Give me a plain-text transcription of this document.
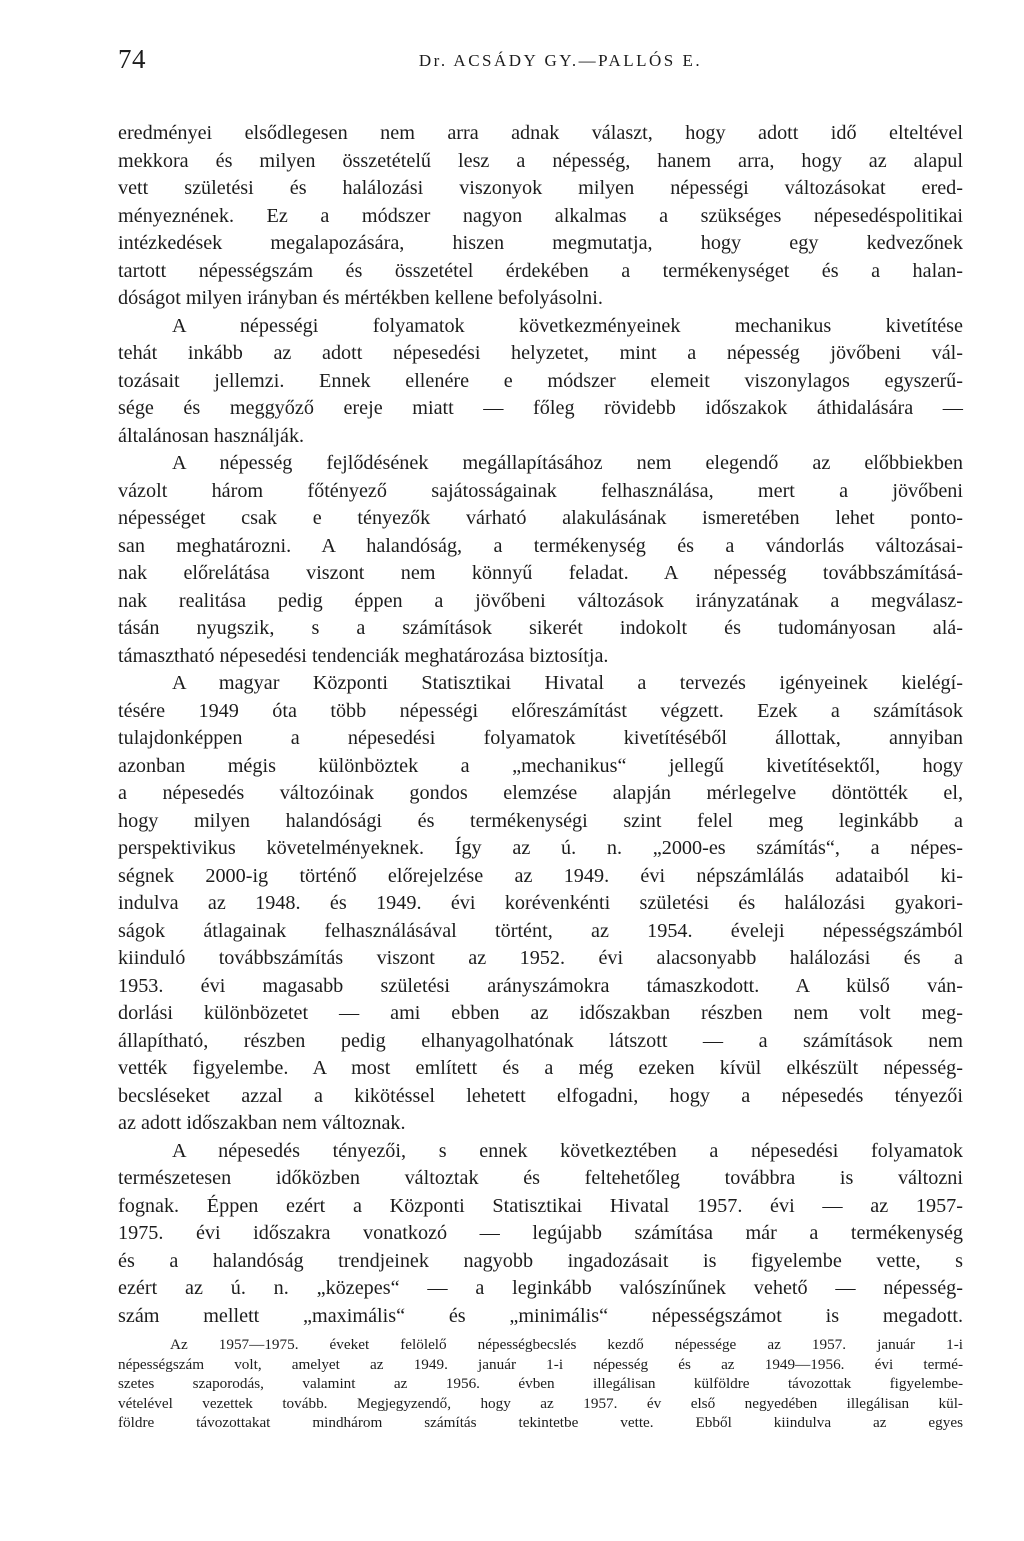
74	Dr. ACSÁDY GY.—PALLÓS E.
eredményei elsődlegesen nem arra adnak választ, hogy adott idő elteltével
mekkora és milyen összetételű lesz a népesség, hanem arra, hogy az alapul
vett születési és halálozási viszonyok milyen népességi változásokat ered-
ményeznének. Ez a módszer nagyon alkalmas a szükséges népesedéspolitikai
intézkedések megalapozására, hiszen megmutatja, hogy egy kedvezőnek
tartott népességszám és összetétel érdekében a termékenységet és a halan-
dóságot milyen irányban és mértékben kellene befolyásolni.
A népességi folyamatok következményeinek mechanikus kivetítése
tehát inkább az adott népesedési helyzetet, mint a népesség jövőbeni vál-
tozásait jellemzi. Ennek ellenére e módszer elemeit viszonylagos egyszerű-
sége és meggyőző ereje miatt — főleg rövidebb időszakok áthidalására —
általánosan használják.
A népesség fejlődésének megállapításához nem elegendő az előbbiekben
vázolt három főtényező sajátosságainak felhasználása, mert a jövőbeni
népességet csak e tényezők várható alakulásának ismeretében lehet ponto-
san meghatározni. A halandóság, a termékenység és a vándorlás változásai-
nak előrelátása viszont nem könnyű feladat. A népesség továbbszámításá-
nak realitása pedig éppen a jövőbeni változások irányzatának a megválasz-
tásán nyugszik, s a számítások sikerét indokolt és tudományosan alá-
támasztható népesedési tendenciák meghatározása biztosítja.
A magyar Központi Statisztikai Hivatal a tervezés igényeinek kielégí-
tésére 1949 óta több népességi előreszámítást végzett. Ezek a számítások
tulajdonképpen a népesedési folyamatok kivetítéséből állottak, annyiban
azonban mégis különböztek a „mechanikus“ jellegű kivetítésektől, hogy
a népesedés változóinak gondos elemzése alapján mérlegelve döntötték el,
hogy milyen halandósági és termékenységi szint felel meg leginkább a
perspektivikus követelményeknek. Így az ú. n. „2000-es számítás“, a népes-
ségnek 2000-ig történő előrejelzése az 1949. évi népszámlálás adataiból ki-
indulva az 1948. és 1949. évi korévenkénti születési és halálozási gyakori-
ságok átlagainak felhasználásával történt, az 1954. éveleji népességszámból
kiinduló továbbszámítás viszont az 1952. évi alacsonyabb halálozási és a
1953. évi magasabb születési arányszámokra támaszkodott. A külső ván-
dorlási különbözetet — ami ebben az időszakban részben nem volt meg-
állapítható, részben pedig elhanyagolhatónak látszott — a számítások nem
vették figyelembe. A most említett és a még ezeken kívül elkészült népesség-
becsléseket azzal a kikötéssel lehetett elfogadni, hogy a népesedés tényezői
az adott időszakban nem változnak.
A népesedés tényezői, s ennek következtében a népesedési folyamatok
természetesen időközben változtak és feltehetőleg továbbra is változni
fognak. Éppen ezért a Központi Statisztikai Hivatal 1957. évi — az 1957-
1975. évi időszakra vonatkozó — legújabb számítása már a termékenység
és a halandóság trendjeinek nagyobb ingadozásait is figyelembe vette, s
ezért az ú. n. „közepes“ — a leginkább valószínűnek vehető — népesség-
szám mellett „maximális“ és „minimális“ népességszámot is megadott.
Az 1957—1975. éveket felölelő népességbecslés kezdő népessége az 1957. január 1-i
népességszám volt, amelyet az 1949. január 1-i népesség és az 1949—1956. évi termé-
szetes szaporodás, valamint az 1956. évben illegálisan külföldre távozottak figyelembe-
vételével vezettek tovább. Megjegyzendő, hogy az 1957. év első negyedében illegálisan kül-
földre távozottakat mindhárom számítás tekintetbe vette. Ebből kiindulva az egyes
